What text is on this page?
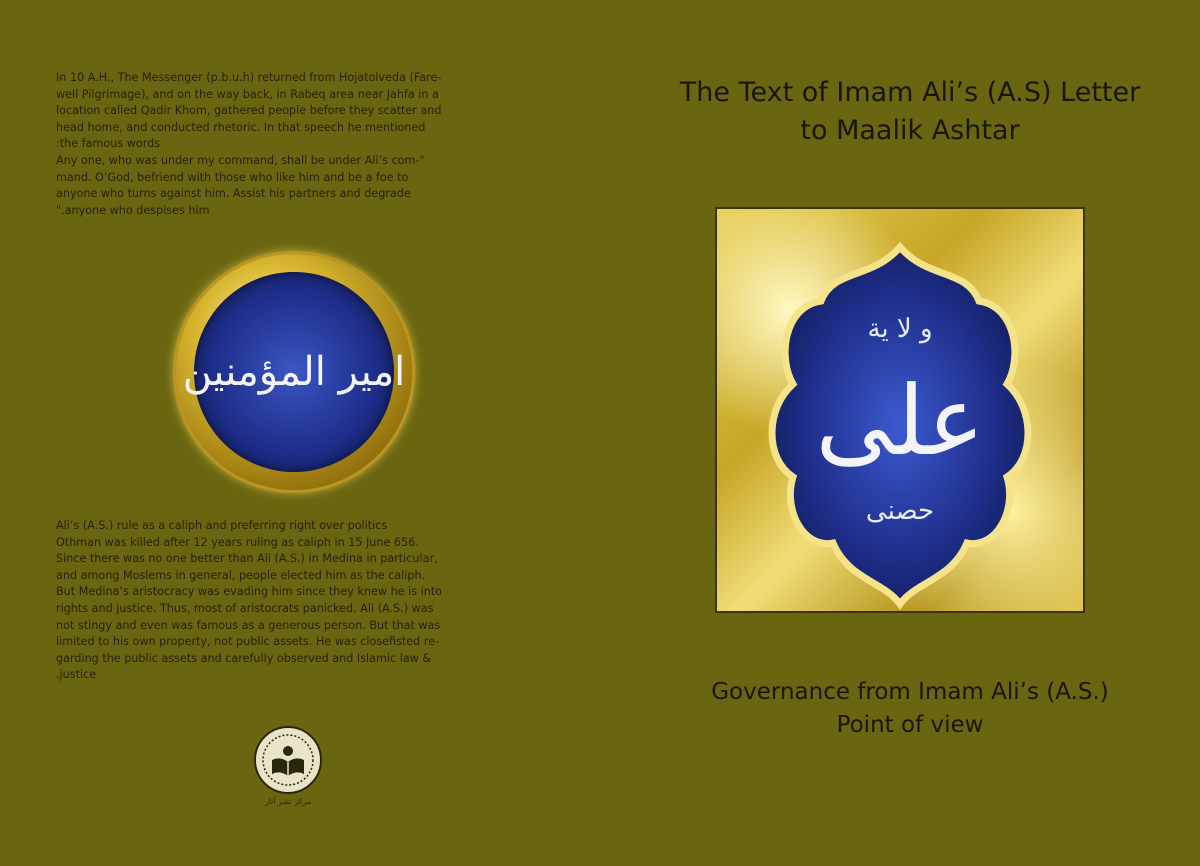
In 10 A.H., The Messenger (p.b.u.h) returned from Hojatolveda (Fare-

well Pilgrimage), and on the way back, in Rabeq area near Jahfa in a

location called Qadir Khom, gathered people before they scatter and

head home, and conducted rhetoric. In that speech he mentioned

:the famous words

Any one, who was under my command, shall be under Ali’s com-"

mand. O’God, befriend with those who like him and be a foe to

anyone who turns against him. Assist his partners and degrade

".anyone who despises him

امیر المؤمنین

Ali’s (A.S.) rule as a caliph and preferring right over politics

Othman was killed after 12 years ruling as caliph in 15 June 656.

Since there was no one better than Ali (A.S.) in Medina in particular,

and among Moslems in general, people elected him as the caliph.

But Medina’s aristocracy was evading him since they knew he is into

rights and justice. Thus, most of aristocrats panicked. Ali (A.S.) was

not stingy and even was famous as a generous person. But that was

limited to his own property, not public assets. He was closefisted re-

garding the public assets and carefully observed and Islamic law &

.justice

مرکز نشر آثار
The Text of Imam Ali’s (A.S) Letter
to Maalik Ashtar
علی
و لا یة
حصنی
Governance from Imam Ali’s (A.S.)
Point of view
